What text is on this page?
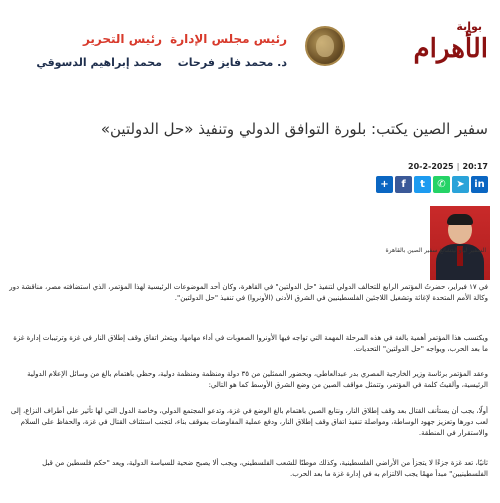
بوابة
الأهرام
رئيس مجلس الإدارة
د. محمد فايز فرحات
رئيس التحرير
محمد إبراهيم الدسوقي
سفير الصين يكتب: بلورة التوافق الدولي وتنفيذ «حل الدولتين»
20-2-2025 | 20:17
+	f	t	✆	➤ in
السفير لياو ليتشانغ سفير الصين بالقاهرة

في ١٧ فبراير، حضرتُ المؤتمر الرابع للتحالف الدولي لتنفيذ "حل الدولتين" في القاهرة، وكان أحد الموضوعات الرئيسية لهذا المؤتمر، الذي استضافته مصر، مناقشة دور وكالة الأمم المتحدة لإغاثة وتشغيل اللاجئين الفلسطينيين في الشرق الأدنى (الأونروا) في تنفيذ "حل الدولتين".

ويكتسب هذا المؤتمر أهمية بالغة في هذه المرحلة المهمة التي تواجه فيها الأونروا الصعوبات في أداء مهامها، ويتعثر اتفاق وقف إطلاق النار في غزة وترتيبات إدارة غزة ما بعد الحرب، ويواجه "حل الدولتين" التحديات.

وعقد المؤتمر برئاسة وزير الخارجية المصري بدر عبدالعاطي، وبحضور الممثلين من ٣٥ دولة ومنظمة ومنظمة دولية، وحظي باهتمام بالغ من وسائل الإعلام الدولية الرئيسية، وألقيتُ كلمة في المؤتمر، وتتمثل مواقف الصين من وضع الشرق الأوسط كما هو التالي:

أولًا، يجب أن يستأنف القتال بعد وقف إطلاق النار، ونتابع الصين باهتمام بالغ الوضع في غزة، وتدعو المجتمع الدولي، وخاصة الدول التي لها تأثير على أطراف النزاع، إلى لعب دورها وتعزيز جهود الوساطة، ومواصلة تنفيذ اتفاق وقف إطلاق النار، ودفع عملية المفاوضات بموقف بناء، لتجنب استئناف القتال في غزة، والحفاظ على السلام والاستقرار في المنطقة.

ثانيًا، تعد غزة جزءًا لا يتجزأ من الأراضي الفلسطينية، وكذلك موطنًا للشعب الفلسطيني، ويجب ألا يصبح ضحية للسياسة الدولية، ويعد "حكم فلسطين من قبل الفلسطينيين" مبدأ مهمًا يجب الالتزام به في إدارة غزة ما بعد الحرب.
